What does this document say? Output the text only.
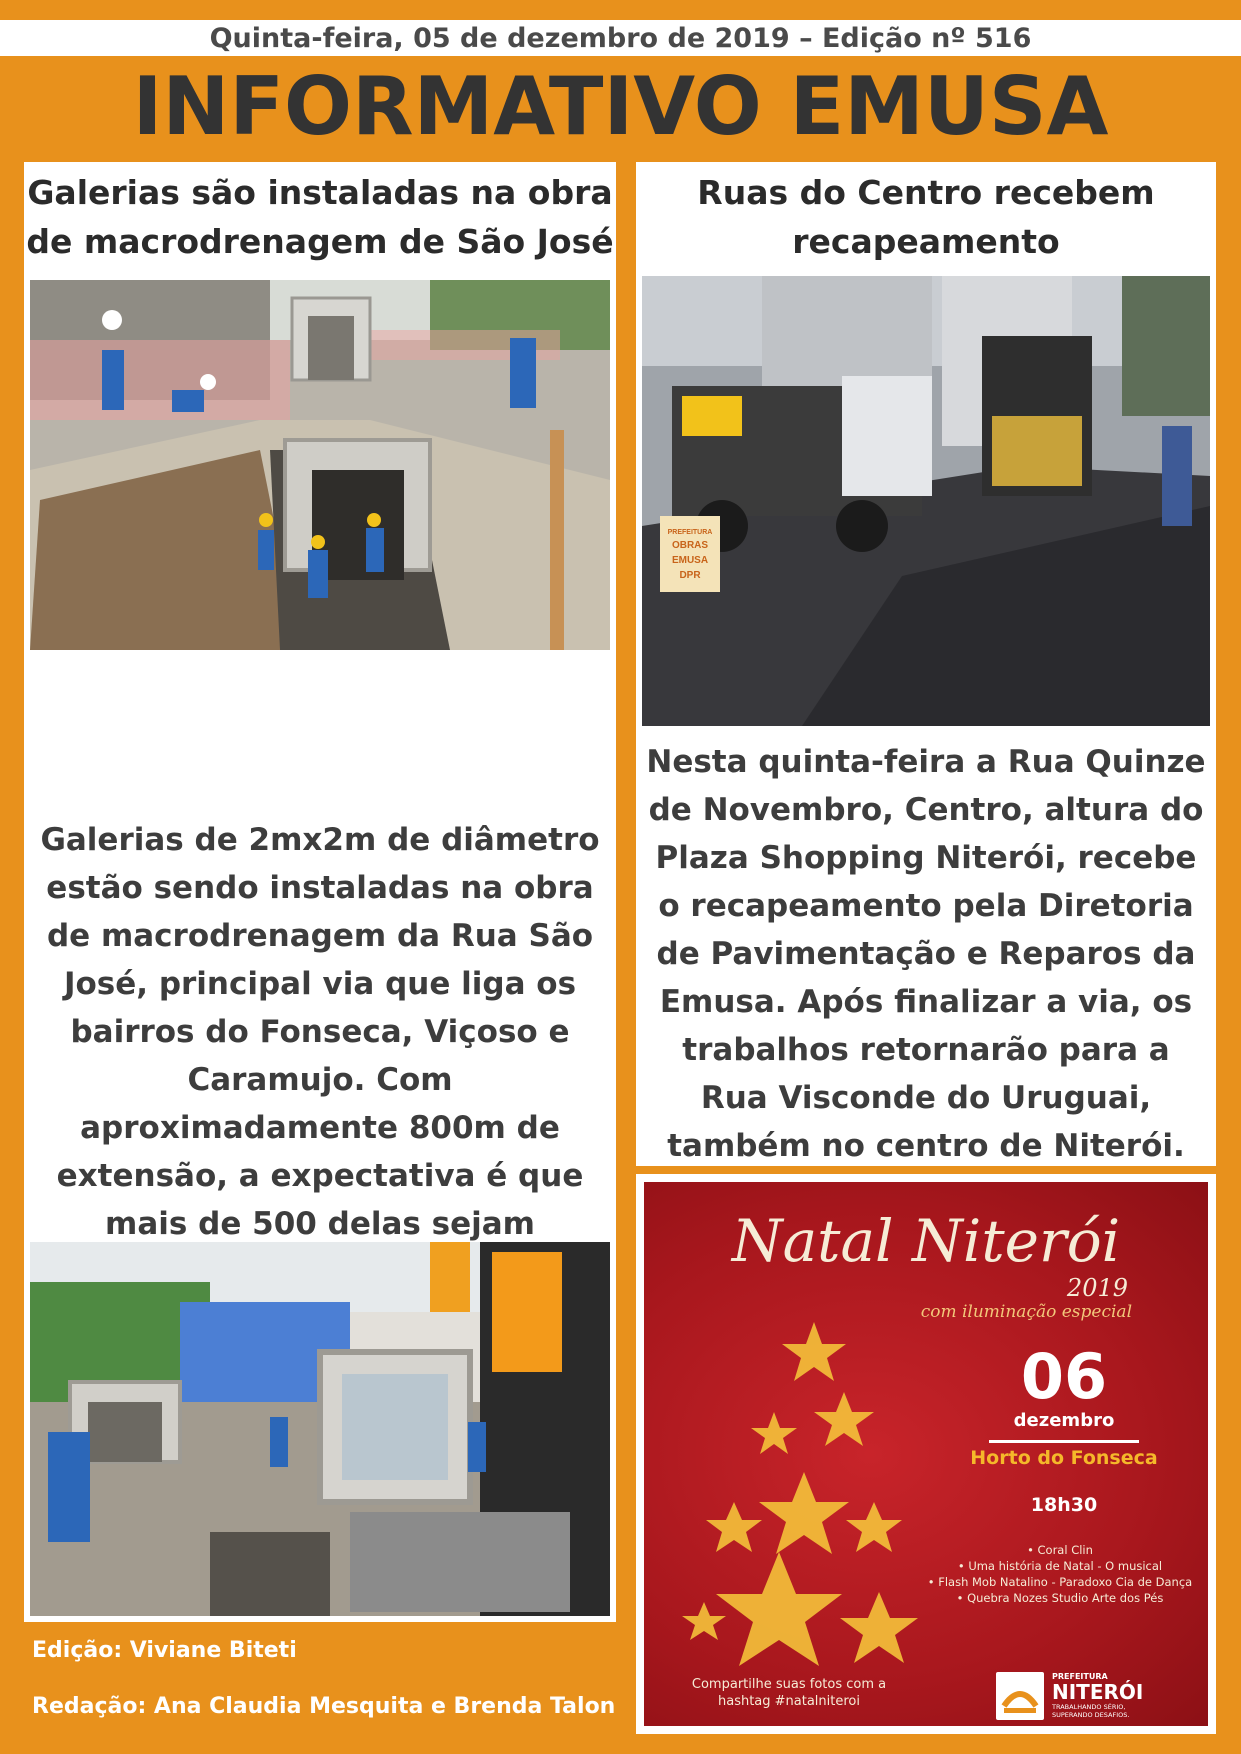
Quinta-feira, 05 de dezembro de 2019 – Edição nº 516
INFORMATIVO EMUSA
Galerias são instaladas na obra de macrodrenagem de São José
Galerias de 2mx2m de diâmetro estão sendo instaladas na obra de macrodrenagem da Rua São José, principal via que liga os bairros do Fonseca, Viçoso e Caramujo. Com aproximadamente 800m de extensão, a expectativa é que mais de 500 delas sejam
Ruas do Centro recebem recapeamento
PREFEITURA
OBRAS
EMUSA
DPR
Nesta quinta-feira a Rua Quinze de Novembro, Centro, altura do Plaza Shopping Niterói, recebe o recapeamento pela Diretoria de Pavimentação e Reparos da Emusa. Após finalizar a via, os trabalhos retornarão para a Rua Visconde do Uruguai, também no centro de Niterói.
Natal Niterói
2019
com iluminação especial
06
dezembro
Horto do Fonseca
18h30
• Coral Clin
• Uma história de Natal - O musical
• Flash Mob Natalino - Paradoxo Cia de Dança
• Quebra Nozes Studio Arte dos Pés
Compartilhe suas fotos com a hashtag #natalniteroi
PREFEITURA
NITERÓI
TRABALHANDO SÉRIO, SUPERANDO DESAFIOS.
Edição: Viviane Biteti
Redação: Ana Claudia Mesquita e Brenda Talon
